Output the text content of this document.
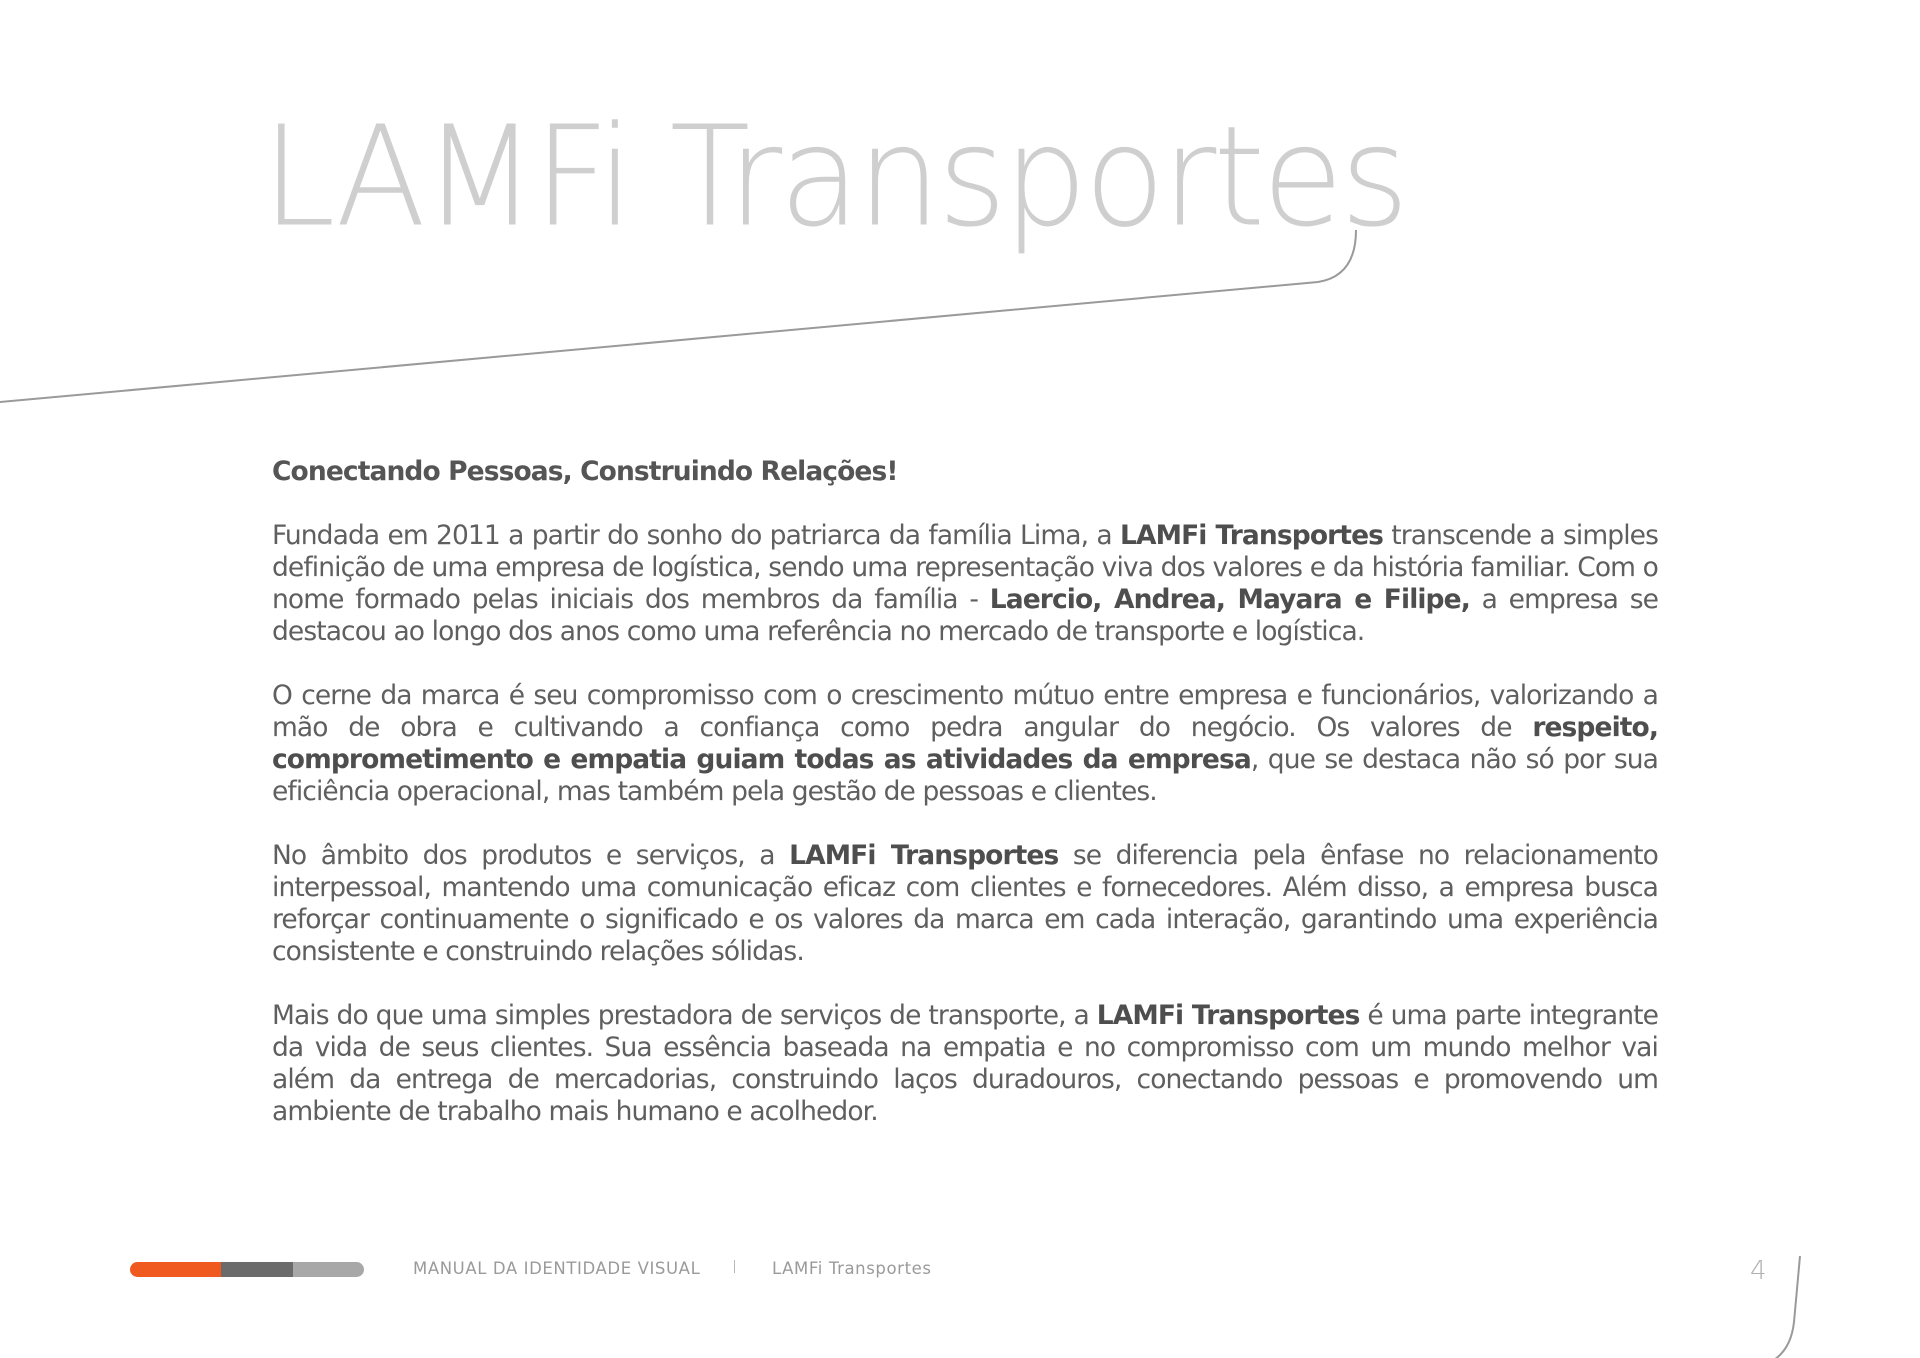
LAMFi Transportes

Conectando Pessoas, Construindo Relações!

Fundada em 2011 a partir do sonho do patriarca da família Lima, a LAMFi Transportes transcende a simples definição de uma empresa de logística, sendo uma representação viva dos valores e da história familiar. Com o nome formado pelas iniciais dos membros da família - Laercio, Andrea, Mayara e Filipe, a empresa se destacou ao longo dos anos como uma referência no mercado de transporte e logística.

O cerne da marca é seu compromisso com o crescimento mútuo entre empresa e funcionários, valorizando a mão de obra e cultivando a confiança como pedra angular do negócio. Os valores de respeito, comprometimento e empatia guiam todas as atividades da empresa, que se destaca não só por sua eficiência operacional, mas também pela gestão de pessoas e clientes.

No âmbito dos produtos e serviços, a LAMFi Transportes se diferencia pela ênfase no relacionamento interpessoal, mantendo uma comunicação eficaz com clientes e fornecedores. Além disso, a empresa busca reforçar continuamente o significado e os valores da marca em cada interação, garantindo uma experiência consistente e construindo relações sólidas.

Mais do que uma simples prestadora de serviços de transporte, a LAMFi Transportes é uma parte integrante da vida de seus clientes. Sua essência baseada na empatia e no compromisso com um mundo melhor vai além da entrega de mercadorias, construindo laços duradouros, conectando pessoas e promovendo um ambiente de trabalho mais humano e acolhedor.

MANUAL DA IDENTIDADE VISUAL	LAMFi Transportes	4
